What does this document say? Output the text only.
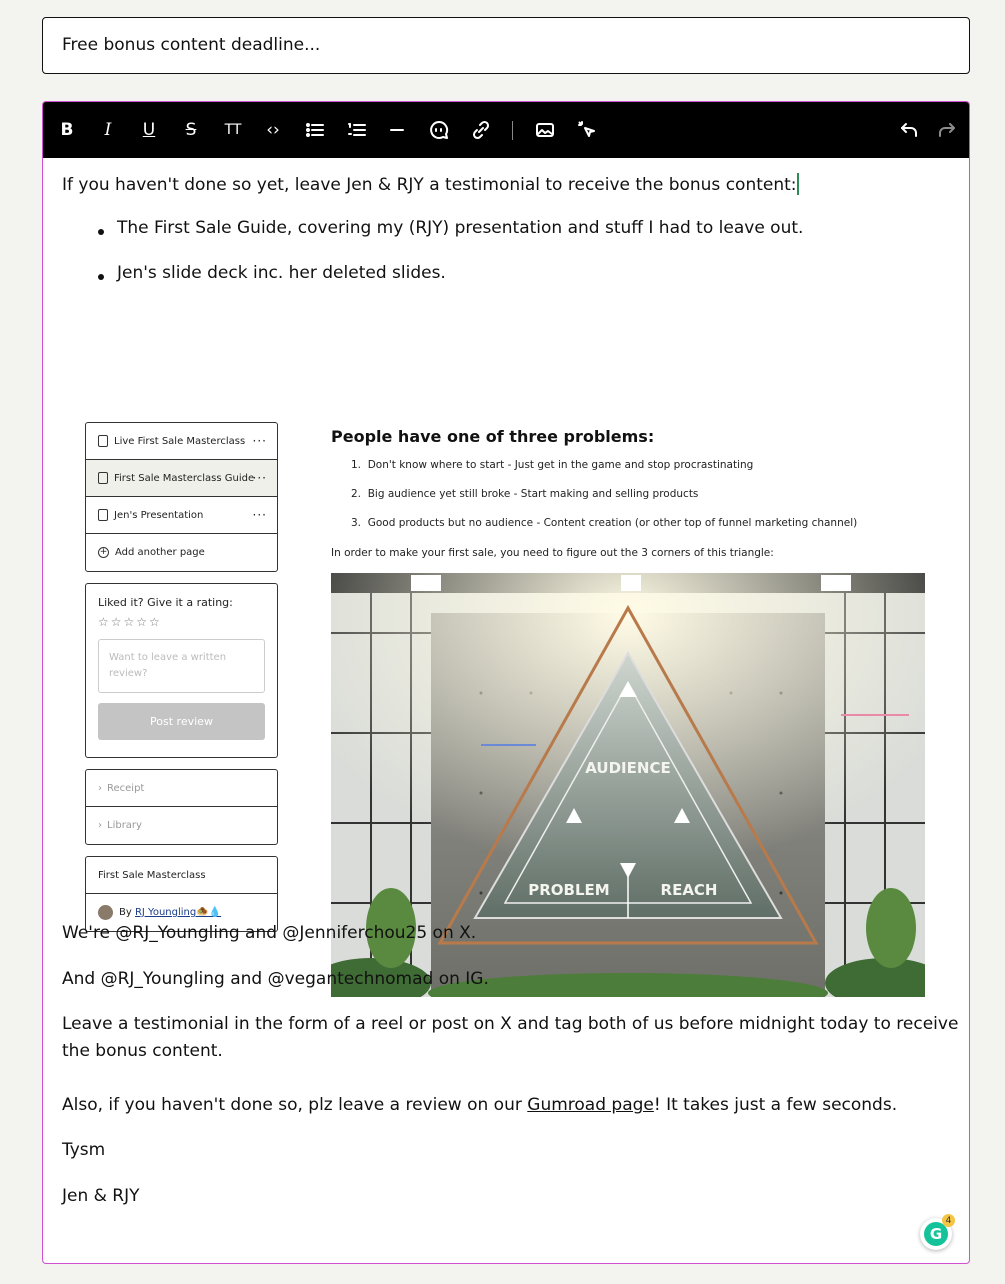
Free bonus content deadline...
B	I	U	S	TT	‹›
If you haven't done so yet, leave Jen & RJY a testimonial to receive the bonus content:
The First Sale Guide, covering my (RJY) presentation and stuff I had to leave out.
Jen's slide deck inc. her deleted slides.
Live First Sale Masterclass ···
First Sale Masterclass Guide
···
Jen's Presentation	···
+ Add another page
Liked it? Give it a rating:
☆☆☆☆☆
Want to leave a written review?
Post review
› Receipt
› Library
First Sale Masterclass
By
RJ Youngling🧆💧
People have one of three problems:
1. Don't know where to start - Just get in the game and stop procrastinating
2. Big audience yet still broke - Start making and selling products
3. Good products but no audience - Content creation (or other top of funnel marketing channel)
In order to make your first sale, you need to figure out the 3 corners of this triangle:
AUDIENCE
PROBLEM	REACH
We're @RJ_Youngling and @Jenniferchou25 on X.
And @RJ_Youngling and @vegantechnomad on IG.
Leave a testimonial in the form of a reel or post on X and tag both of us before midnight today to receive
the bonus content.
Also, if you haven't done so, plz leave a review on our Gumroad page! It takes just a few seconds.
Tysm
Jen & RJY
G
4
